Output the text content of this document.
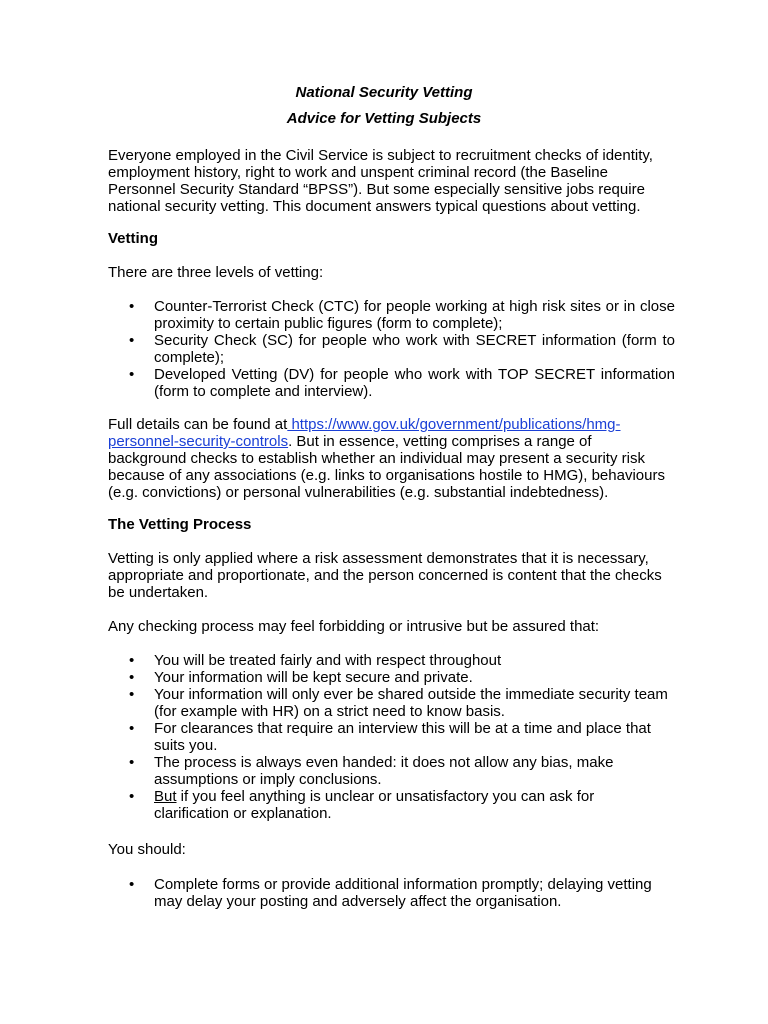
National Security Vetting
Advice for Vetting Subjects

Everyone employed in the Civil Service is subject to recruitment checks of identity, employment history, right to work and unspent criminal record (the Baseline Personnel Security Standard “BPSS”). But some especially sensitive jobs require national security vetting. This document answers typical questions about vetting.

Vetting

There are three levels of vetting:

• Counter-Terrorist Check (CTC) for people working at high risk sites or in close proximity to certain public figures (form to complete);
• Security Check (SC) for people who work with SECRET information (form to complete);
• Developed Vetting (DV) for people who work with TOP SECRET information (form to complete and interview).

Full details can be found at https://www.gov.uk/government/publications/hmg-personnel-security-controls. But in essence, vetting comprises a range of background checks to establish whether an individual may present a security risk because of any associations (e.g. links to organisations hostile to HMG), behaviours (e.g. convictions) or personal vulnerabilities (e.g. substantial indebtedness).

The Vetting Process

Vetting is only applied where a risk assessment demonstrates that it is necessary, appropriate and proportionate, and the person concerned is content that the checks be undertaken.

Any checking process may feel forbidding or intrusive but be assured that:

• You will be treated fairly and with respect throughout
• Your information will be kept secure and private.
• Your information will only ever be shared outside the immediate security team (for example with HR) on a strict need to know basis.
• For clearances that require an interview this will be at a time and place that suits you.
• The process is always even handed: it does not allow any bias, make assumptions or imply conclusions.
• But if you feel anything is unclear or unsatisfactory you can ask for clarification or explanation.

You should:

• Complete forms or provide additional information promptly; delaying vetting may delay your posting and adversely affect the organisation.
